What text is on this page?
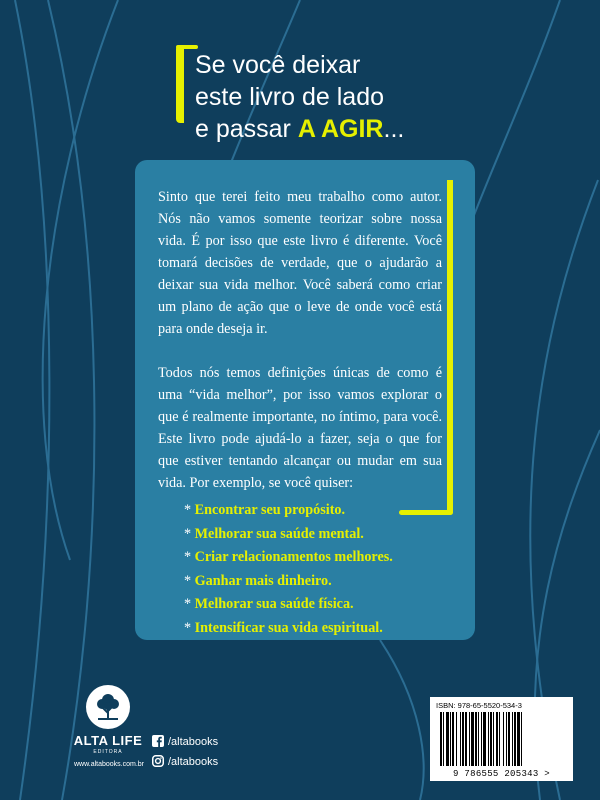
Se você deixar
este livro de lado
e passar A AGIR...

Sinto que terei feito meu trabalho como autor. Nós não vamos somente teorizar sobre nossa vida. É por isso que este livro é diferente. Você tomará decisões de verdade, que o ajudarão a deixar sua vida melhor. Você saberá como criar um plano de ação que o leve de onde você está para onde deseja ir.

Todos nós temos definições únicas de como é uma “vida melhor”, por isso vamos explorar o que é realmente importante, no íntimo, para você. Este livro pode ajudá-lo a fazer, seja o que for que estiver tentando alcançar ou mudar em sua vida. Por exemplo, se você quiser:

* Encontrar seu propósito.
* Melhorar sua saúde mental.
* Criar relacionamentos melhores.
* Ganhar mais dinheiro.
* Melhorar sua saúde física.
* Intensificar sua vida espiritual.
ALTA LIFE
EDITORA
www.altabooks.com.br
/altabooks
/altabooks
ISBN: 978-65-5520-534-3
9 786555 205343 >
